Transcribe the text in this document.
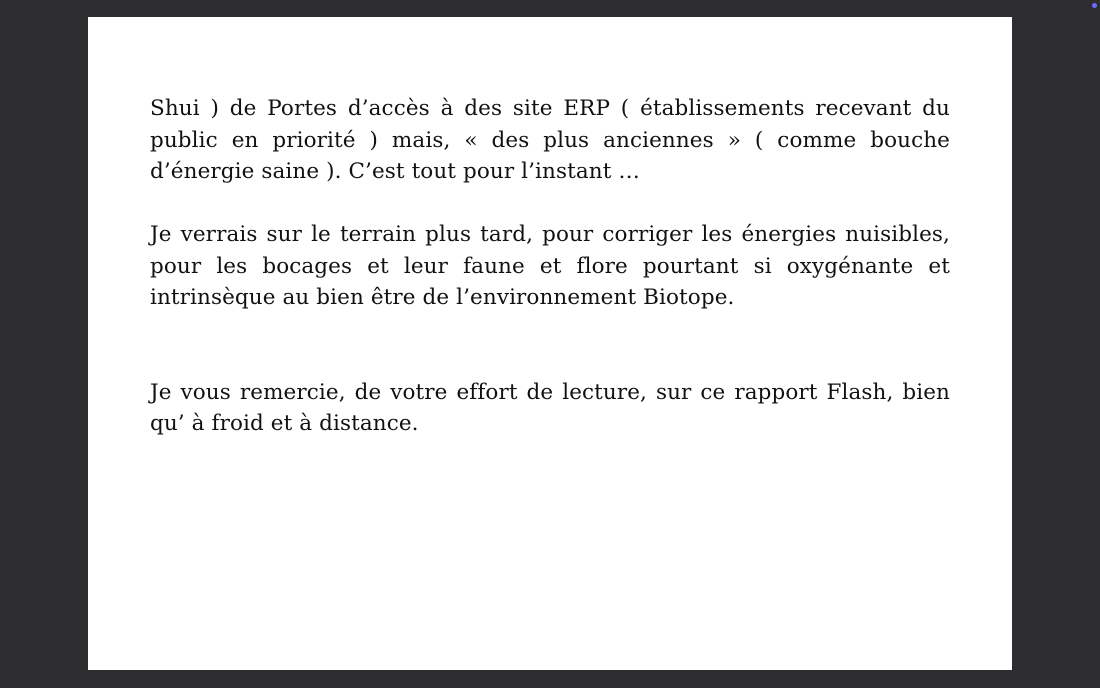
Shui ) de Portes d’accès à des site ERP ( établissements recevant du public en priorité ) mais, « des plus anciennes » ( comme bouche d’énergie saine ). C’est tout pour l’instant …

Je verrais sur le terrain plus tard, pour corriger les énergies nuisibles, pour les bocages et leur faune et flore pourtant si oxygénante et intrinsèque au bien être de l’environnement Biotope.

Je vous remercie, de votre effort de lecture, sur ce rapport Flash, bien qu’ à froid et à distance.
